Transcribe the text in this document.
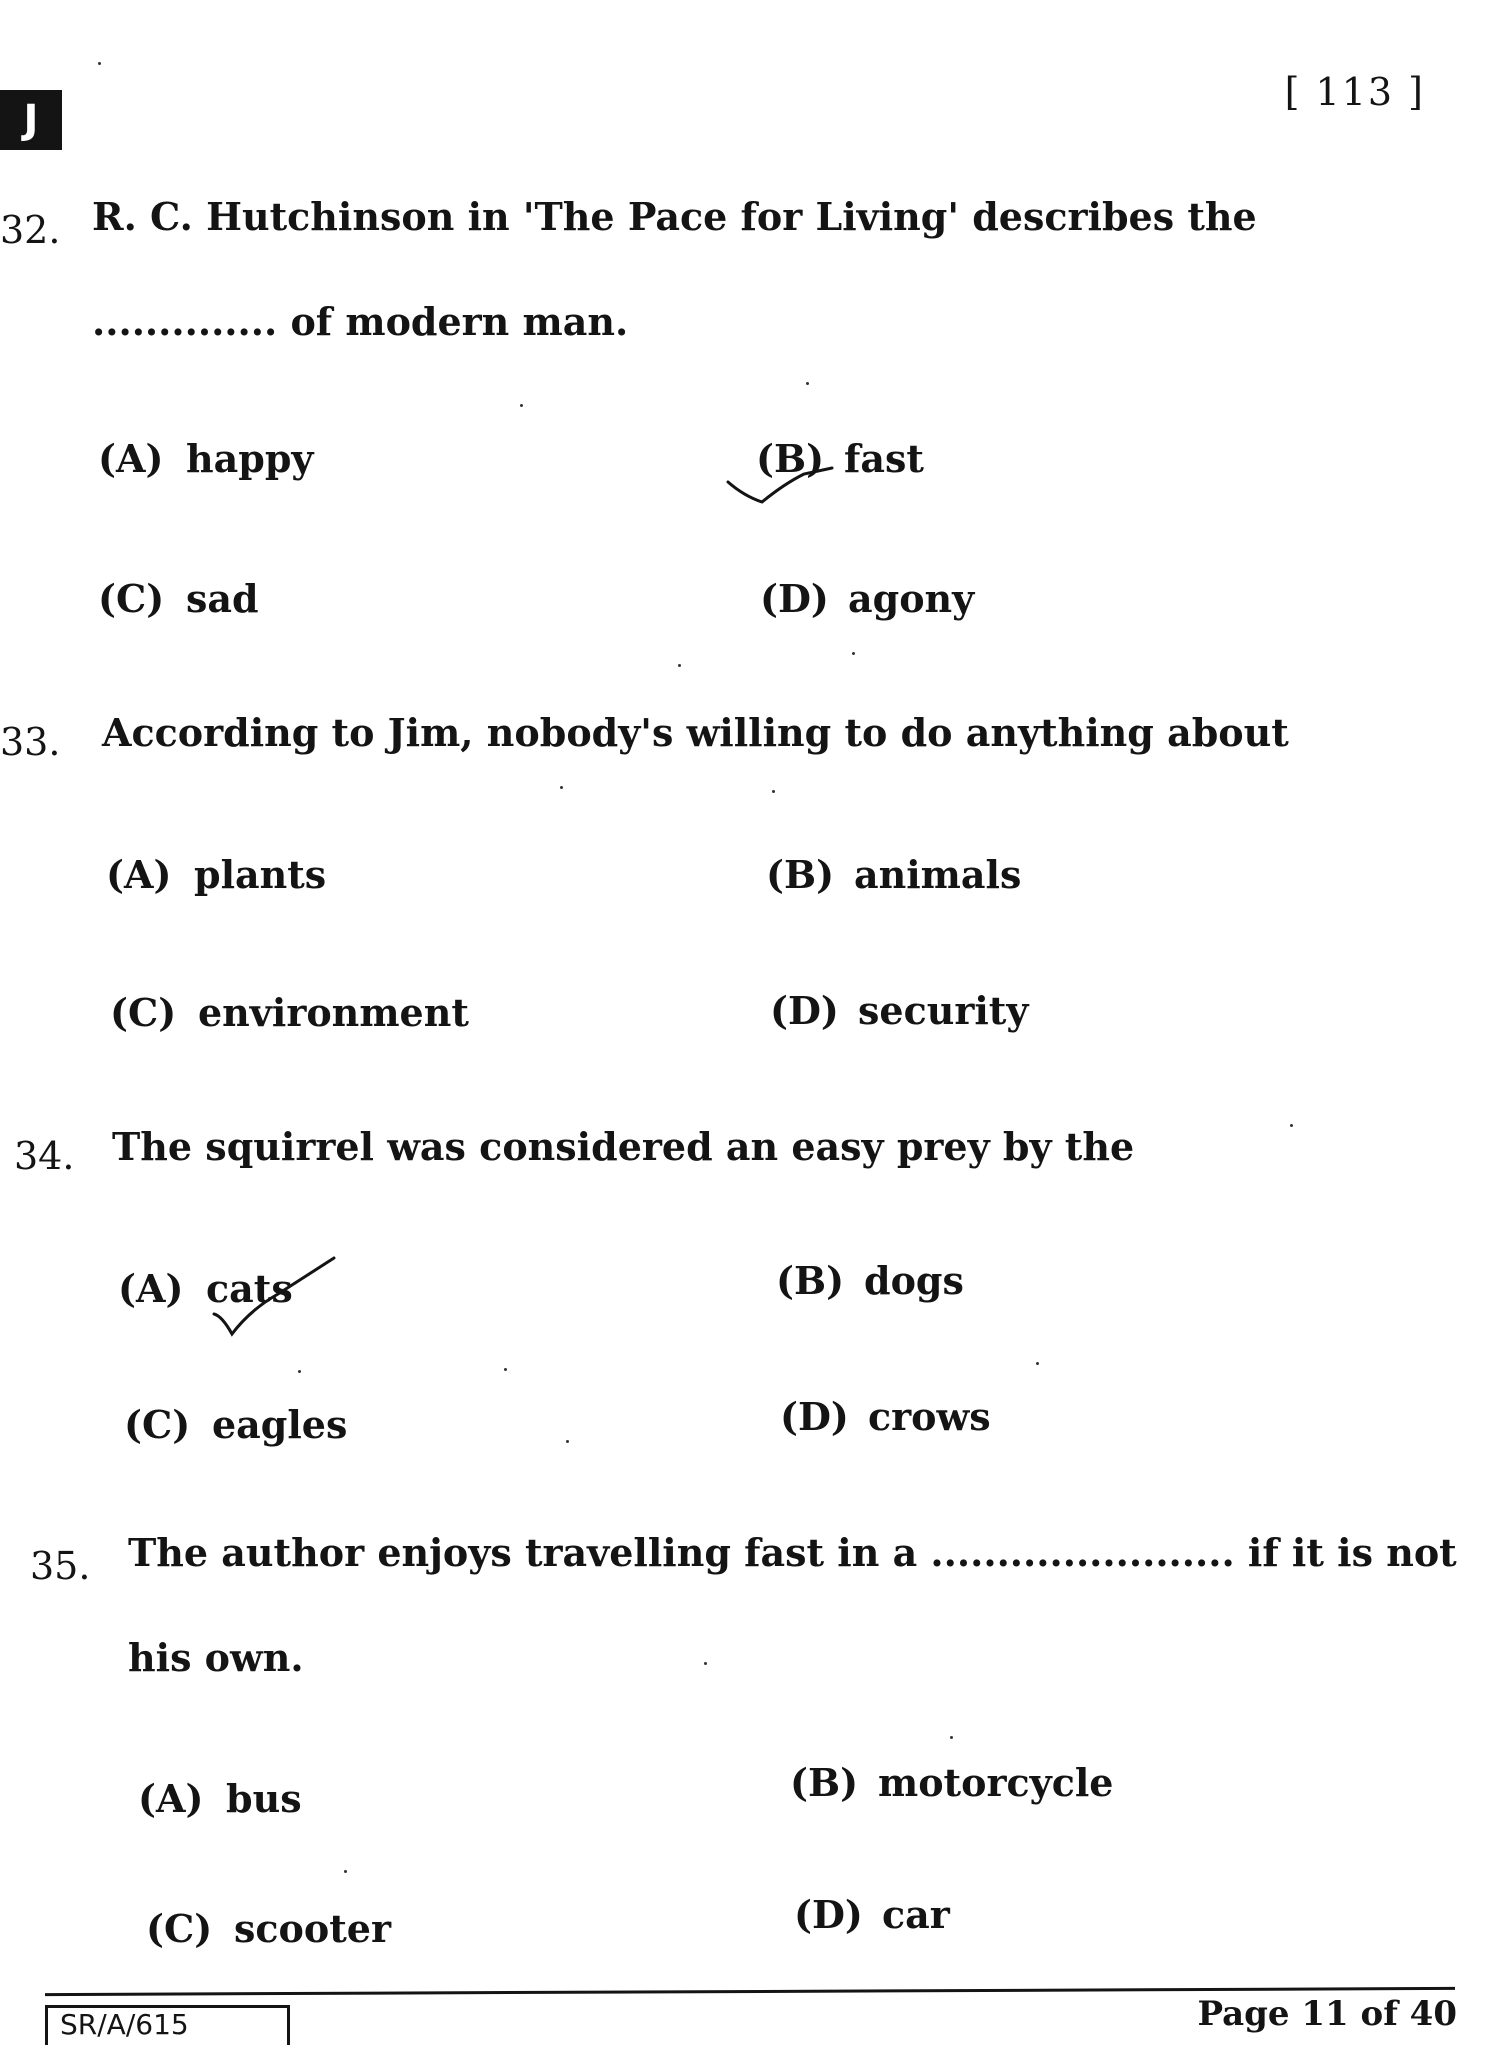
J
[ 113 ]
32. R. C. Hutchinson in 'The Pace for Living' describes the .............. of modern man.
(A) happy	(B) fast
(C) sad	(D) agony
33. According to Jim, nobody's willing to do anything about
(A) plants	(B) animals
(C) environment	(D) security
34. The squirrel was considered an easy prey by the
(A) cats	(B) dogs
(C) eagles	(D) crows
35. The author enjoys travelling fast in a ....................... if it is not his own.
(A) bus	(B) motorcycle
(C) scooter	(D) car
SR/A/615	Page 11 of 40
